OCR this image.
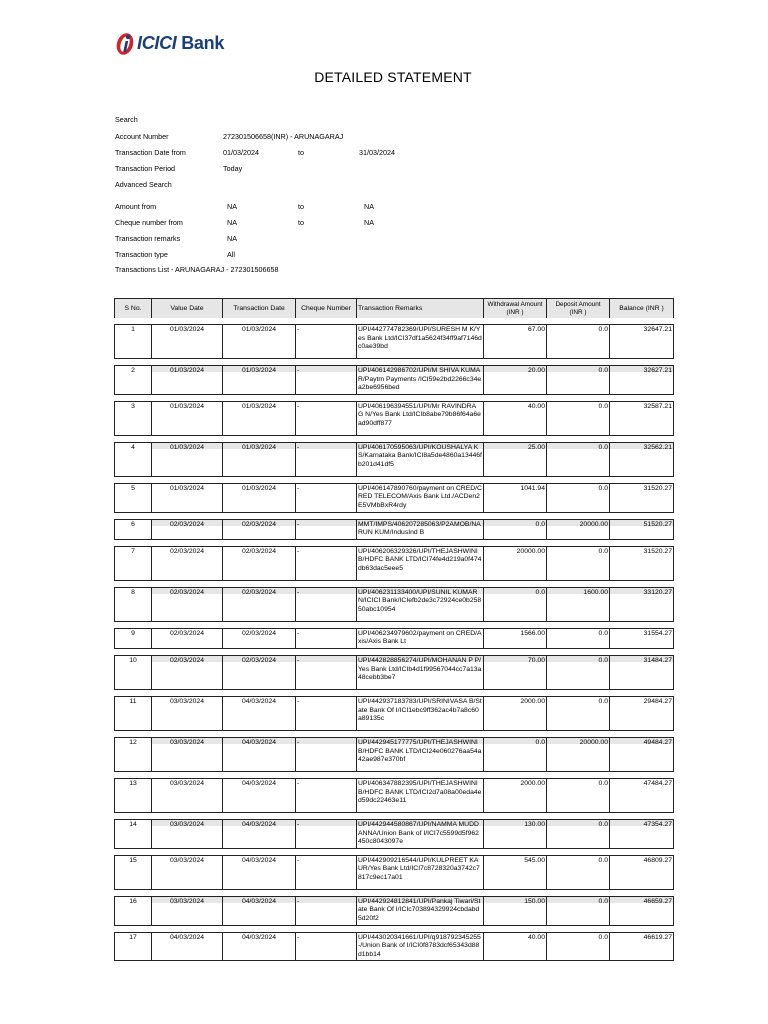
ICICI Bank
DETAILED STATEMENT
Search
Account Number	272301506658(INR) - ARUNAGARAJ
Transaction Date from	01/03/2024	to	31/03/2024
Transaction Period	Today
Advanced Search
Amount from	NA	to	NA
Cheque number from	NA	to	NA
Transaction remarks	NA
Transaction type	All
Transactions List - ARUNAGARAJ - 272301506658
S No.	Value Date	Transaction Date	Cheque Number	Transaction Remarks	Withdrawal Amount (INR )	Deposit Amount (INR )	Balance (INR )

1	01/03/2024	01/03/2024	-	UPI/442774782369/UPI/SURESH M K/Yes Bank Ltd/ICI37df1a5624f34ff9af7146dc0ae39bd	67.00	0.0	32647.21

2	01/03/2024	01/03/2024	-	UPI/406142986702/UPI/M SHIVA KUMAR/Paytm Payments /ICI59e2bd2266c34ea2be6956bed	20.00	0.0	32627.21

3	01/03/2024	01/03/2024	-	UPI/406196394551/UPI/Mr RAVINDRA G N/Yes Bank Ltd/ICIb8abe79b86f64a6ead90dff877	40.00	0.0	32587.21

4	01/03/2024	01/03/2024	-	UPI/406170595063/UPI/KOUSHALYA K S/Karnataka Bank/ICI8a5de4860a13446fb201d41df5	25.00	0.0	32562.21

5	01/03/2024	01/03/2024	-	UPI/406147890760/payment on CRED/CRED TELECOM/Axis Bank Ltd./ACDen2E5VMbBxR4rdy	1041.94	0.0	31520.27

6	02/03/2024	02/03/2024	-	MMT/IMPS/406207285063/P2AMOB/NARUN KUM/IndusInd B	0.0	20000.00	51520.27

7	02/03/2024	02/03/2024	-	UPI/406206329326/UPI/THEJASHWINI B/HDFC BANK LTD/ICI74fe4d219a0f474db63dac5eee5	20000.00	0.0	31520.27

8	02/03/2024	02/03/2024	-	UPI/406231133400/UPI/SUNIL KUMAR N/ICICI Bank/ICIefb2de3c72924ce0b25850abc10954	0.0	1600.00	33120.27

9	02/03/2024	02/03/2024	-	UPI/406234979602/payment on CRED/Axis/Axis Bank Lt	1566.00	0.0	31554.27

10	02/03/2024	02/03/2024	-	UPI/442828856274/UPI/MOHANAN P P/Yes Bank Ltd/ICIb4d1f99567044cc7a13a48cebb3be7	70.00	0.0	31484.27

11	03/03/2024	04/03/2024	-	UPI/442937183783/UPI/SRINIVASA B/State Bank Of I/ICI1ebc9ff362ac4b7a8c60a89135c	2000.00	0.0	29484.27

12	03/03/2024	04/03/2024	-	UPI/442945177775/UPI/THEJASHWINI B/HDFC BANK LTD/ICI24e060276aa54a42ae987e370bf	0.0	20000.00	49484.27

13	03/03/2024	04/03/2024	-	UPI/406347882395/UPI/THEJASHWINI B/HDFC BANK LTD/ICI2d7a08a00eda4ed59dc22463e11	2000.00	0.0	47484.27

14	03/03/2024	04/03/2024	-	UPI/442944580867/UPI/NAMMA MUDDANNA/Union Bank of I/ICI7c5599d5f962450c8043097e	130.00	0.0	47354.27

15	03/03/2024	04/03/2024	-	UPI/442909216544/UPI/KULPREET KAUR/Yes Bank Ltd/ICI7c8728320a3742c7817c9ec17a01	545.00	0.0	46809.27

16	03/03/2024	04/03/2024	-	UPI/442924812841/UPI/Pankaj Tiwari/State Bank Of I/ICIc703894329924cbdabd5d20f2	150.00	0.0	46659.27

17	04/03/2024	04/03/2024	-	UPI/443020341661/UPI/q918792345255-/Union Bank of I/ICI0f8783dcf65343d88d1bb14	40.00	0.0	46619.27
